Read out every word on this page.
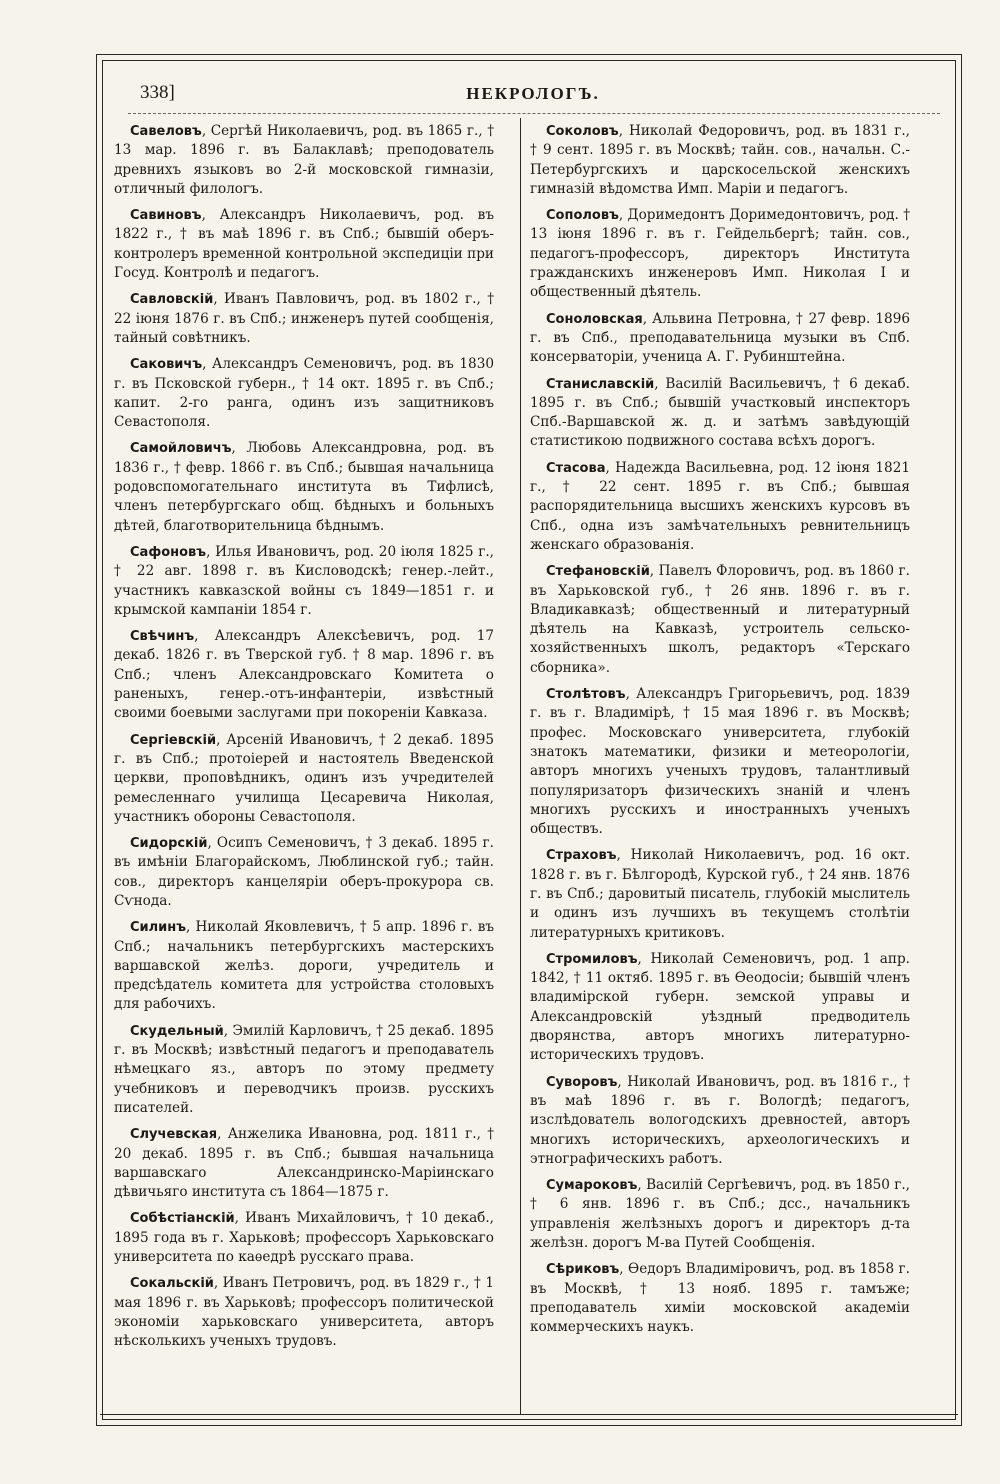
338]	НЕКРОЛОГЪ.

Савеловъ, Сергѣй Николаевичъ, род. въ 1865 г., † 13 мар. 1896 г. въ Балаклавѣ; преподователь древнихъ языковъ во 2-й московской гимназіи, отличный филологъ.

Савиновъ, Александръ Николаевичъ, род. въ 1822 г., † въ маѣ 1896 г. въ Спб.; бывшій оберъ-контролеръ временной контрольной экспедиціи при Госуд. Контролѣ и педагогъ.

Савловскій, Иванъ Павловичъ, род. въ 1802 г., † 22 іюня 1876 г. въ Спб.; инженеръ путей сообщенія, тайный совѣтникъ.

Саковичъ, Александръ Семеновичъ, род. въ 1830 г. въ Псковской губерн., † 14 окт. 1895 г. въ Спб.; капит. 2-го ранга, одинъ изъ защитниковъ Севастополя.

Самойловичъ, Любовь Александровна, род. въ 1836 г., † февр. 1866 г. въ Спб.; бывшая начальница родовспомогательнаго института въ Тифлисѣ, членъ петербургскаго общ. бѣдныхъ и больныхъ дѣтей, благотворительница бѣднымъ.

Сафоновъ, Илья Ивановичъ, род. 20 іюля 1825 г., † 22 авг. 1898 г. въ Кисловодскѣ; генер.-лейт., участникъ кавказской войны съ 1849—1851 г. и крымской кампаніи 1854 г.

Свѣчинъ, Александръ Алексѣевичъ, род. 17 декаб. 1826 г. въ Тверской губ. † 8 мар. 1896 г. въ Спб.; членъ Александровскаго Комитета о раненыхъ, генер.-отъ-инфантеріи, извѣстный своими боевыми заслугами при покореніи Кавказа.

Сергіевскій, Арсеній Ивановичъ, † 2 декаб. 1895 г. въ Спб.; протоіерей и настоятель Введенской церкви, проповѣдникъ, одинъ изъ учредителей ремесленнаго училища Цесаревича Николая, участникъ обороны Севастополя.

Сидорскій, Осипъ Семеновичъ, † 3 декаб. 1895 г. въ имѣніи Благорайскомъ, Люблинской губ.; тайн. сов., директоръ канцеляріи оберъ-прокурора св. Сѵнода.

Силинъ, Николай Яковлевичъ, † 5 апр. 1896 г. въ Спб.; начальникъ петербургскихъ мастерскихъ варшавской желѣз. дороги, учредитель и предсѣдатель комитета для устройства столовыхъ для рабочихъ.

Скудельный, Эмилій Карловичъ, † 25 декаб. 1895 г. въ Москвѣ; извѣстный педагогъ и преподаватель нѣмецкаго яз., авторъ по этому предмету учебниковъ и переводчикъ произв. русскихъ писателей.

Случевская, Анжелика Ивановна, род. 1811 г., † 20 декаб. 1895 г. въ Спб.; бывшая начальница варшавскаго Александринско-Маріинскаго дѣвичьяго института съ 1864—1875 г.

Собѣстіанскій, Иванъ Михайловичъ, † 10 декаб., 1895 года въ г. Харьковѣ; профессоръ Харьковскаго университета по каѳедрѣ русскаго права.

Сокальскій, Иванъ Петровичъ, род. въ 1829 г., † 1 мая 1896 г. въ Харьковѣ; профессоръ политической экономіи харьковскаго университета, авторъ нѣсколькихъ ученыхъ трудовъ.

Соколовъ, Николай Федоровичъ, род. въ 1831 г., † 9 сент. 1895 г. въ Москвѣ; тайн. сов., начальн. С.-Петербургскихъ и царскосельской женскихъ гимназій вѣдомства Имп. Маріи и педагогъ.

Сополовъ, Доримедонтъ Доримедонтовичъ, род. † 13 іюня 1896 г. въ г. Гейдельбергѣ; тайн. сов., педагогъ-профессоръ, директоръ Института гражданскихъ инженеровъ Имп. Николая I и общественный дѣятель.

Соноловская, Альвина Петровна, † 27 февр. 1896 г. въ Спб., преподавательница музыки въ Спб. консерваторіи, ученица А. Г. Рубинштейна.

Станиславскій, Василій Васильевичъ, † 6 декаб. 1895 г. въ Спб.; бывшій участковый инспекторъ Спб.-Варшавской ж. д. и затѣмъ завѣдующій статистикою подвижного состава всѣхъ дорогъ.

Стасова, Надежда Васильевна, род. 12 іюня 1821 г., † 22 сент. 1895 г. въ Спб.; бывшая распорядительница высшихъ женскихъ курсовъ въ Спб., одна изъ замѣчательныхъ ревнительницъ женскаго образованія.

Стефановскій, Павелъ Флоровичъ, род. въ 1860 г. въ Харьковской губ., † 26 янв. 1896 г. въ г. Владикавказѣ; общественный и литературный дѣятель на Кавказѣ, устроитель сельско-хозяйственныхъ школъ, редакторъ «Терскаго сборника».

Столѣтовъ, Александръ Григорьевичъ, род. 1839 г. въ г. Владимірѣ, † 15 мая 1896 г. въ Москвѣ; профес. Московскаго университета, глубокій знатокъ математики, физики и метеорологіи, авторъ многихъ ученыхъ трудовъ, талантливый популяризаторъ физическихъ знаній и членъ многихъ русскихъ и иностранныхъ ученыхъ обществъ.

Страховъ, Николай Николаевичъ, род. 16 окт. 1828 г. въ г. Бѣлгородѣ, Курской губ., † 24 янв. 1876 г. въ Спб.; даровитый писатель, глубокій мыслитель и одинъ изъ лучшихъ въ текущемъ столѣтіи литературныхъ критиковъ.

Стромиловъ, Николай Семеновичъ, род. 1 апр. 1842, † 11 октяб. 1895 г. въ Ѳеодосіи; бывшій членъ владимірской губерн. земской управы и Александровскій уѣздный предводитель дворянства, авторъ многихъ литературно-историческихъ трудовъ.

Суворовъ, Николай Ивановичъ, род. въ 1816 г., † въ маѣ 1896 г. въ г. Вологдѣ; педагогъ, изслѣдователь вологодскихъ древностей, авторъ многихъ историческихъ, археологическихъ и этнографическихъ работъ.

Сумароковъ, Василій Сергѣевичъ, род. въ 1850 г., † 6 янв. 1896 г. въ Спб.; дсс., начальникъ управленія желѣзныхъ дорогъ и директоръ д-та желѣзн. дорогъ М-ва Путей Сообщенія.

Сѣриковъ, Ѳедоръ Владиміровичъ, род. въ 1858 г. въ Москвѣ, † 13 нояб. 1895 г. тамъже; преподаватель химіи московской академіи коммерческихъ наукъ.
